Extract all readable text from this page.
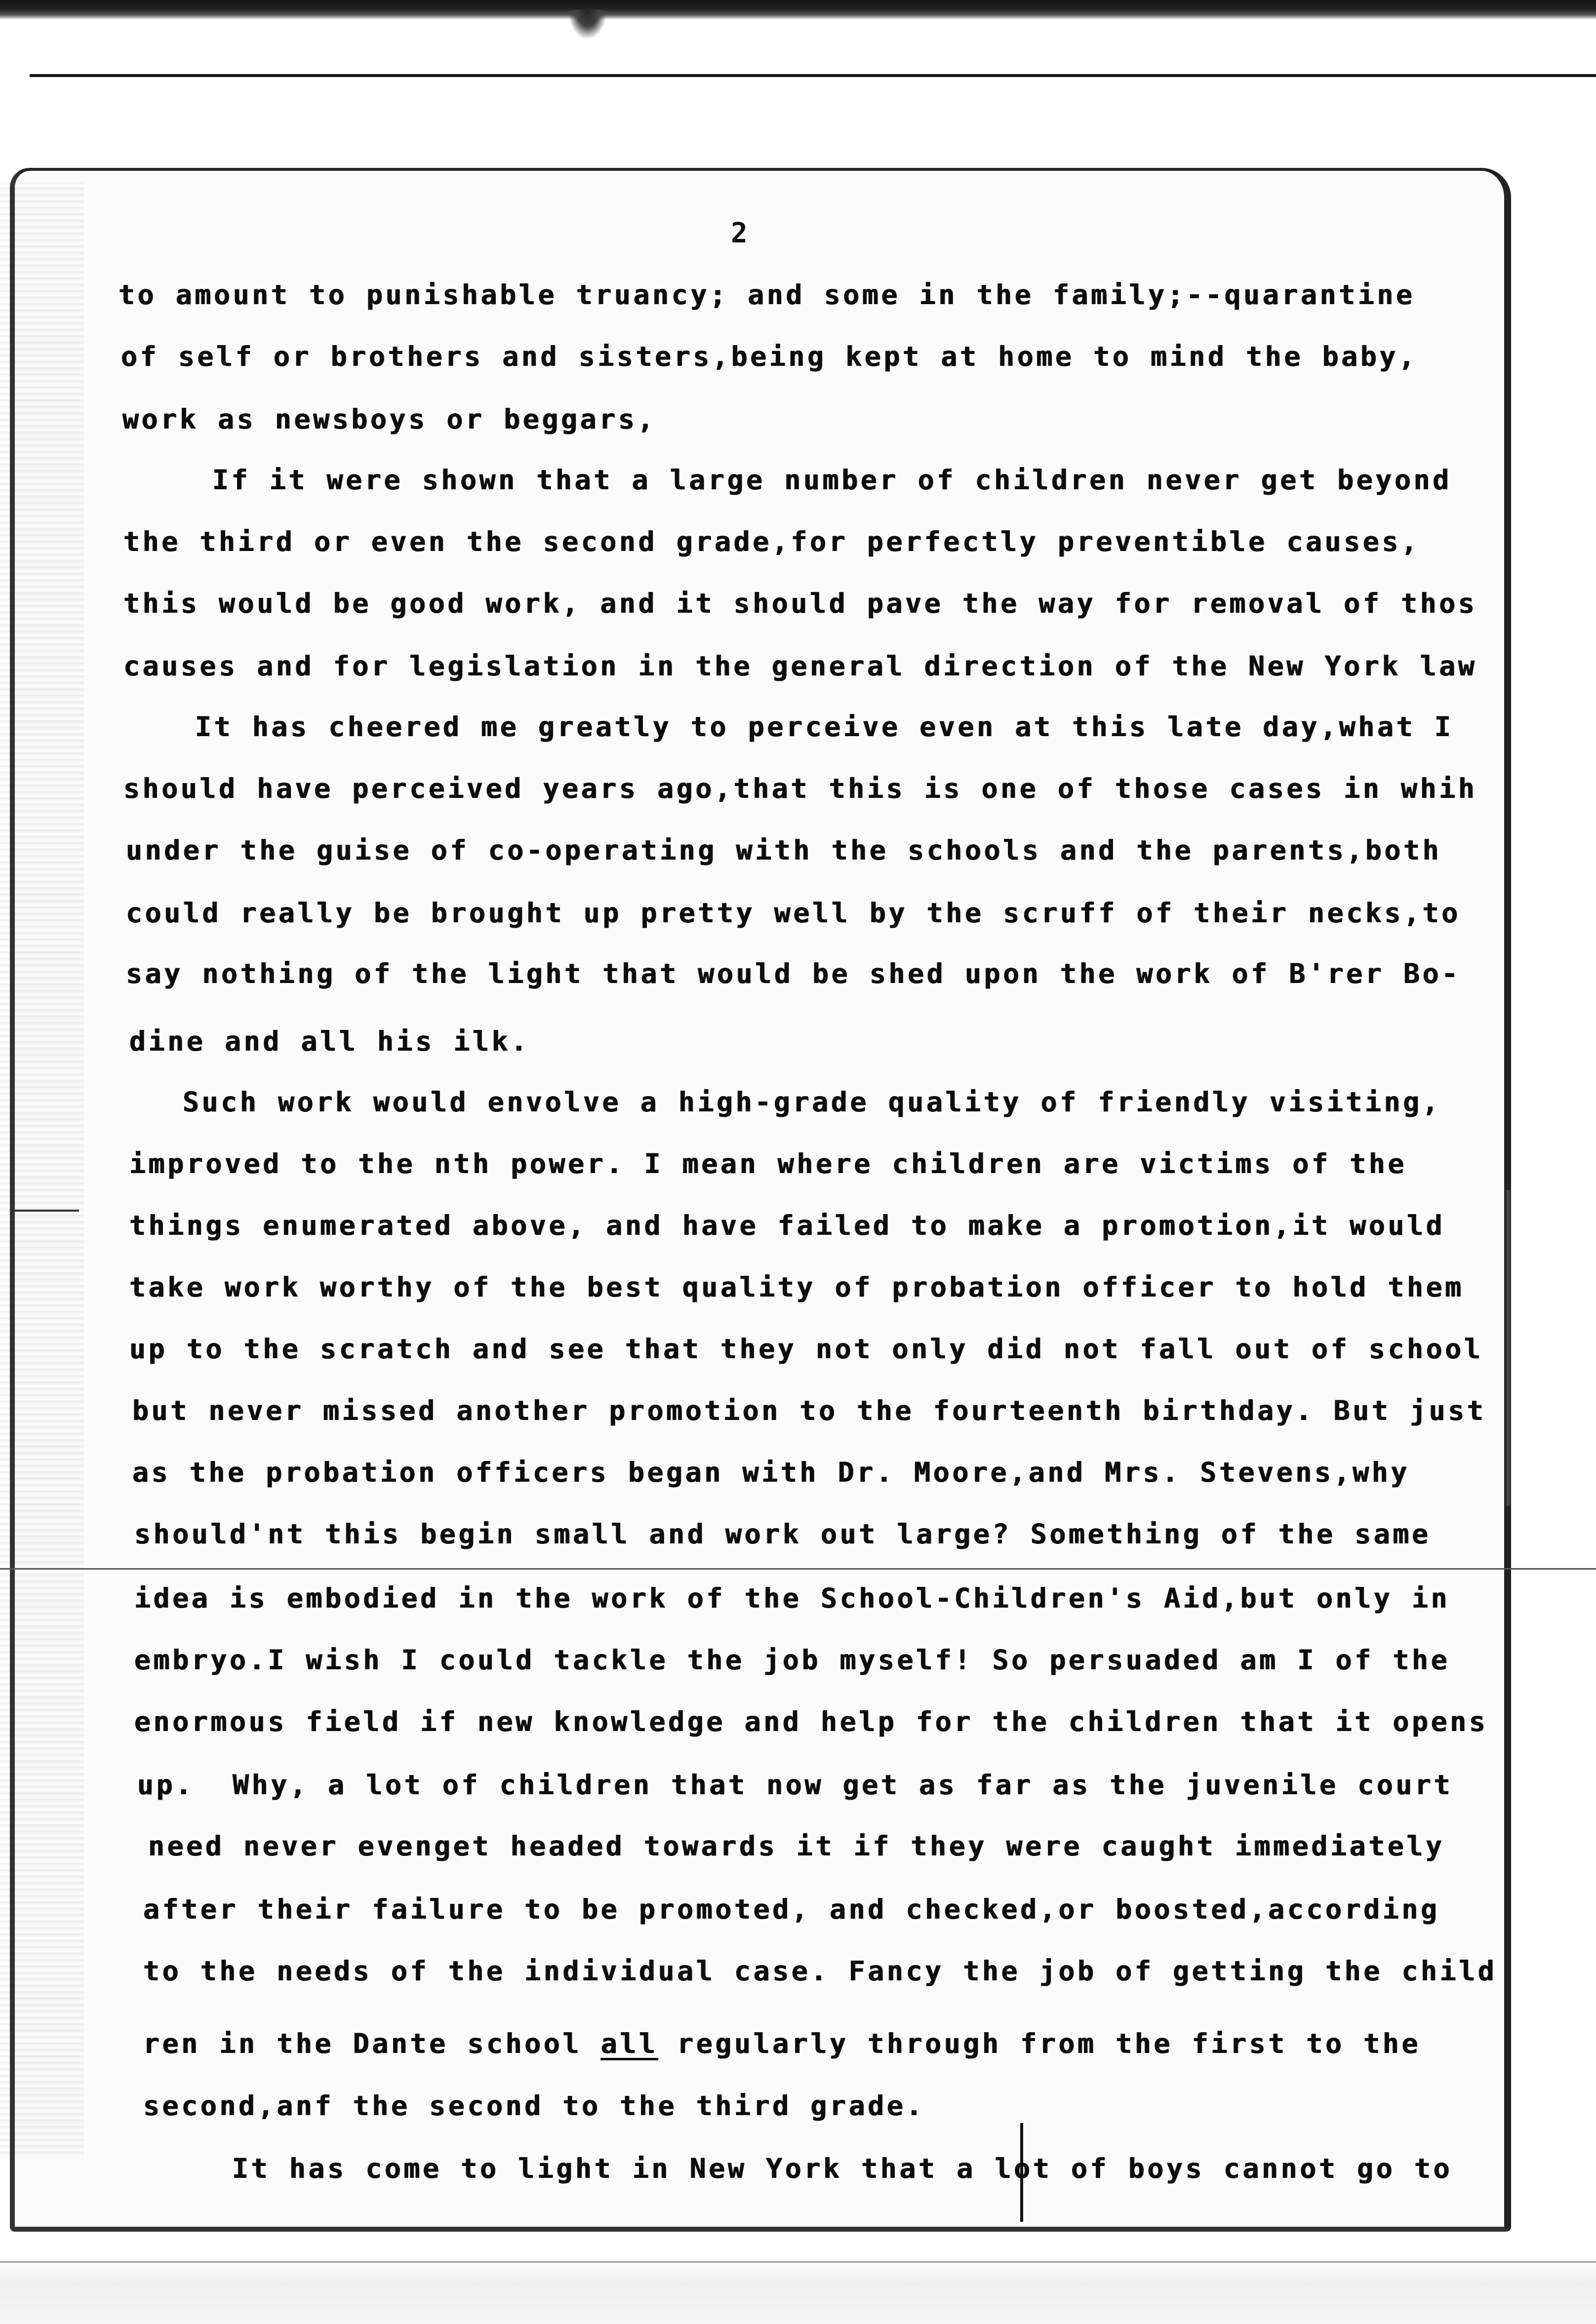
2
to amount to punishable truancy; and some in the family;--quarantine
of self or brothers and sisters,being kept at home to mind the baby,
work as newsboys or beggars,
If it were shown that a large number of children never get beyond
the third or even the second grade,for perfectly preventible causes,
this would be good work, and it should pave the way for removal of thos
causes and for legislation in the general direction of the New York law
It has cheered me greatly to perceive even at this late day,what I
should have perceived years ago,that this is one of those cases in whih
under the guise of co-operating with the schools and the parents,both
could really be brought up pretty well by the scruff of their necks,to
say nothing of the light that would be shed upon the work of B'rer Bo-
dine and all his ilk.
Such work would envolve a high-grade quality of friendly visiting,
improved to the nth power. I mean where children are victims of the
things enumerated above, and have failed to make a promotion,it would
take work worthy of the best quality of probation officer to hold them
up to the scratch and see that they not only did not fall out of school
but never missed another promotion to the fourteenth birthday. But just
as the probation officers began with Dr. Moore,and Mrs. Stevens,why
should'nt this begin small and work out large? Something of the same
idea is embodied in the work of the School-Children's Aid,but only in
embryo.I wish I could tackle the job myself! So persuaded am I of the
enormous field if new knowledge and help for the children that it opens
up.  Why, a lot of children that now get as far as the juvenile court
need never evenget headed towards it if they were caught immediately
after their failure to be promoted, and checked,or boosted,according
to the needs of the individual case. Fancy the job of getting the child
ren in the Dante school all regularly through from the first to the
second,anf the second to the third grade.
It has come to light in New York that a lot of boys cannot go to
